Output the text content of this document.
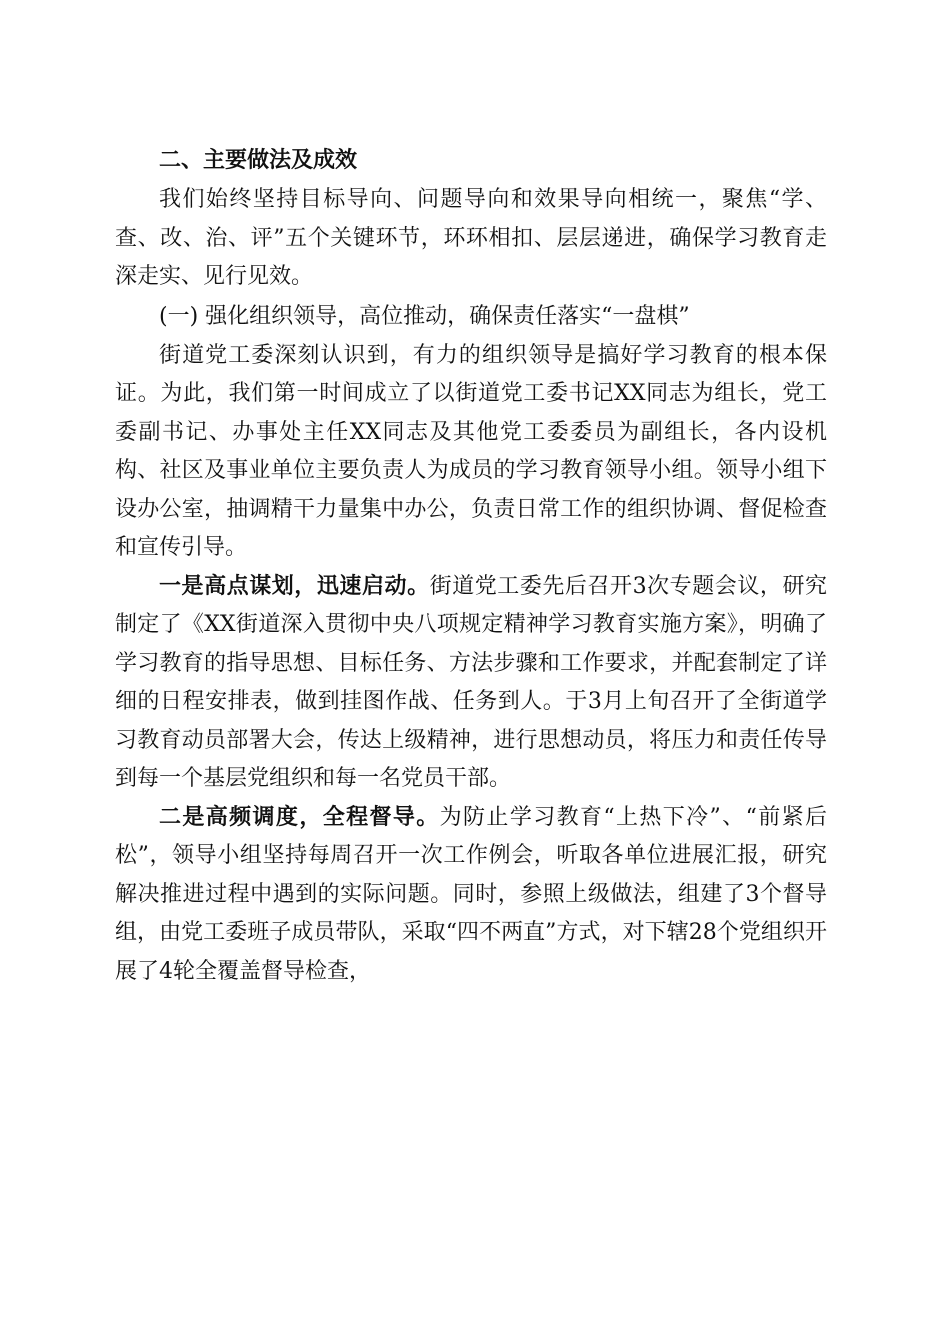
二、主要做法及成效

我们始终坚持目标导向、问题导向和效果导向相统一，聚焦“学、查、改、治、评”五个关键环节，环环相扣、层层递进，确保学习教育走深走实、见行见效。

(一) 强化组织领导，高位推动，确保责任落实“一盘棋”

街道党工委深刻认识到，有力的组织领导是搞好学习教育的根本保证。为此，我们第一时间成立了以街道党工委书记XX同志为组长，党工委副书记、办事处主任XX同志及其他党工委委员为副组长，各内设机构、社区及事业单位主要负责人为成员的学习教育领导小组。领导小组下设办公室，抽调精干力量集中办公，负责日常工作的组织协调、督促检查和宣传引导。

一是高点谋划，迅速启动。街道党工委先后召开3次专题会议，研究制定了《XX街道深入贯彻中央八项规定精神学习教育实施方案》，明确了学习教育的指导思想、目标任务、方法步骤和工作要求，并配套制定了详细的日程安排表，做到挂图作战、任务到人。于3月上旬召开了全街道学习教育动员部署大会，传达上级精神，进行思想动员，将压力和责任传导到每一个基层党组织和每一名党员干部。

二是高频调度，全程督导。为防止学习教育“上热下冷”、“前紧后松”，领导小组坚持每周召开一次工作例会，听取各单位进展汇报，研究解决推进过程中遇到的实际问题。同时，参照上级做法，组建了3个督导组，由党工委班子成员带队，采取“四不两直”方式，对下辖28个党组织开展了4轮全覆盖督导检查，
